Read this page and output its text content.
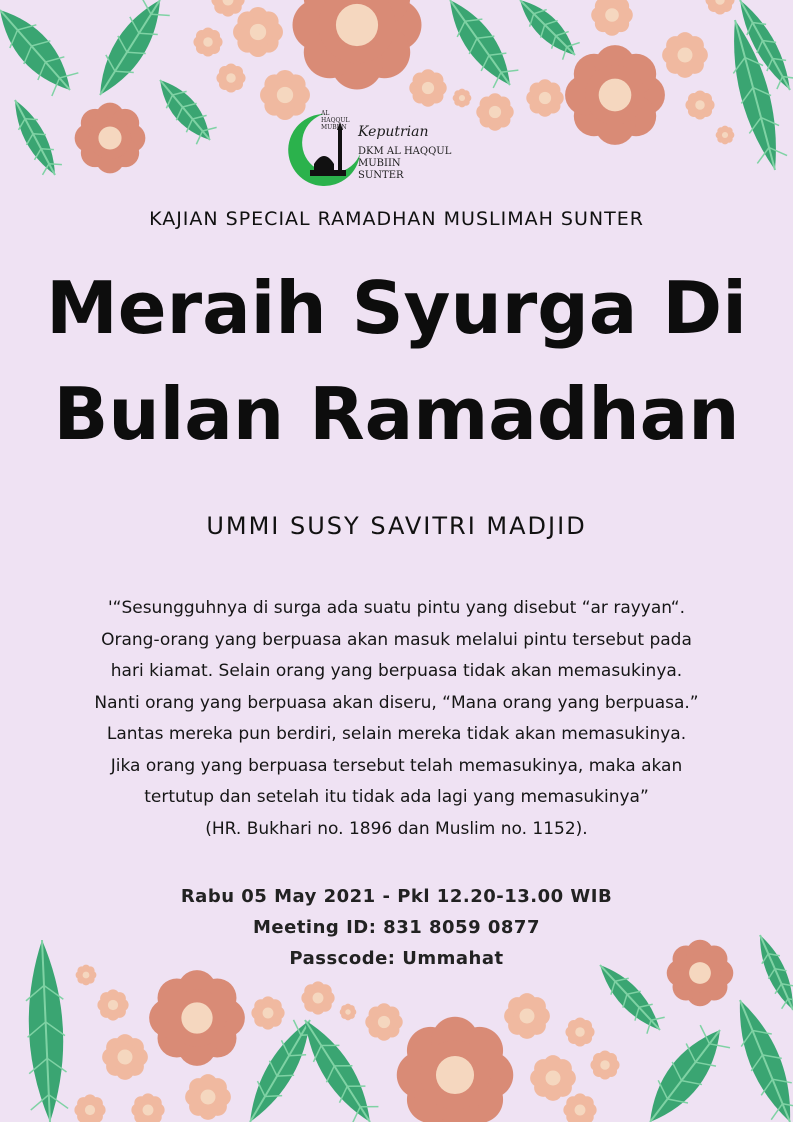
AL
HAQQUL
MUBIIN Keputrian
DKM AL HAQQUL MUBIIN
SUNTER
KAJIAN SPECIAL RAMADHAN MUSLIMAH SUNTER
Meraih Syurga Di
Bulan Ramadhan
UMMI SUSY SAVITRI MADJID
'“Sesungguhnya di surga ada suatu pintu yang disebut “ar rayyan“.
Orang-orang yang berpuasa akan masuk melalui pintu tersebut pada
hari kiamat. Selain orang yang berpuasa tidak akan memasukinya.
Nanti orang yang berpuasa akan diseru, “Mana orang yang berpuasa.”
Lantas mereka pun berdiri, selain mereka tidak akan memasukinya.
Jika orang yang berpuasa tersebut telah memasukinya, maka akan
tertutup dan setelah itu tidak ada lagi yang memasukinya”
(HR. Bukhari no. 1896 dan Muslim no. 1152).
Rabu 05 May 2021 - Pkl 12.20-13.00 WIB
Meeting ID: 831 8059 0877
Passcode: Ummahat
